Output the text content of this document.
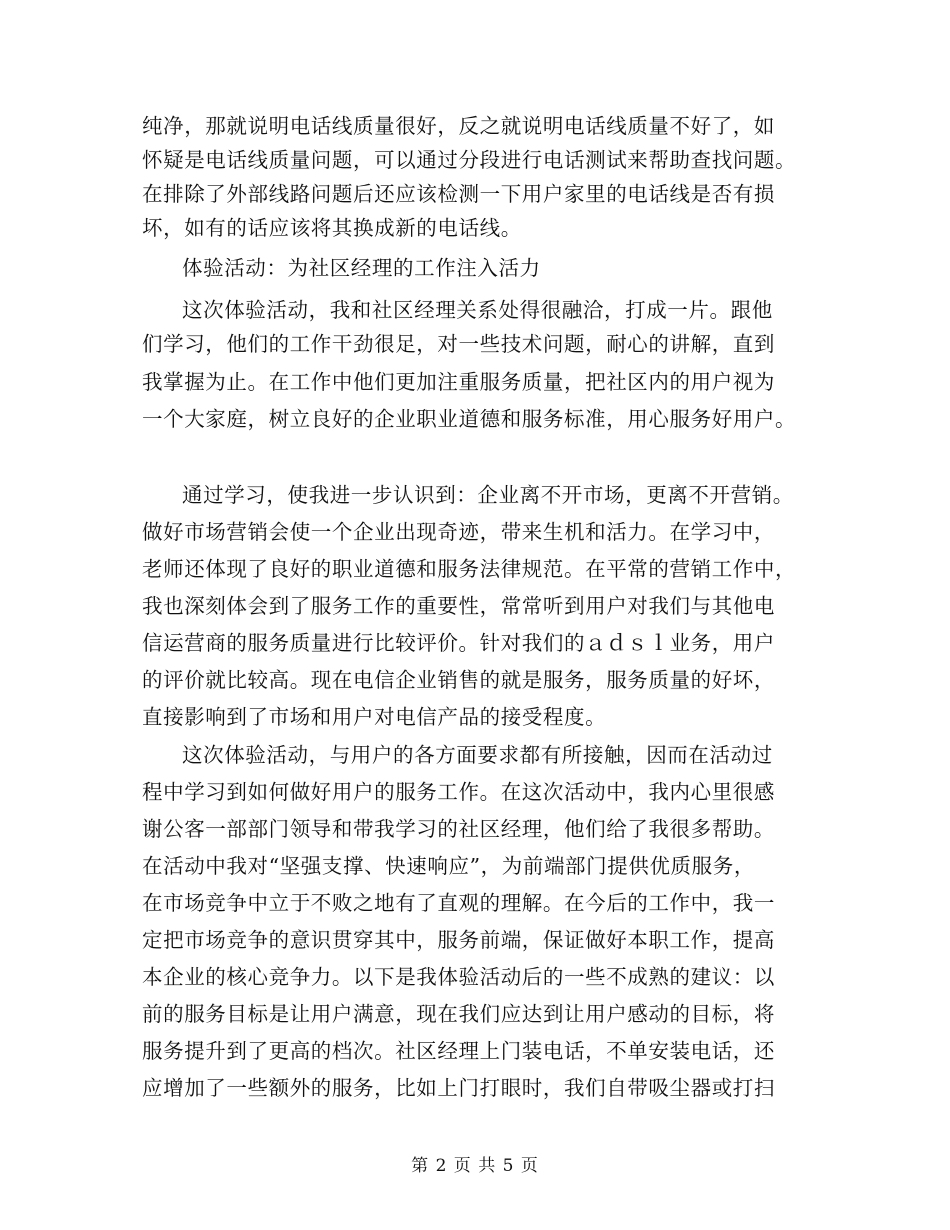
纯净，那就说明电话线质量很好，反之就说明电话线质量不好了，如
怀疑是电话线质量问题，可以通过分段进行电话测试来帮助查找问题。
在排除了外部线路问题后还应该检测一下用户家里的电话线是否有损
坏，如有的话应该将其换成新的电话线。
体验活动：为社区经理的工作注入活力
这次体验活动，我和社区经理关系处得很融洽，打成一片。跟他
们学习，他们的工作干劲很足，对一些技术问题，耐心的讲解，直到
我掌握为止。在工作中他们更加注重服务质量，把社区内的用户视为
一个大家庭，树立良好的企业职业道德和服务标准，用心服务好用户。
通过学习，使我进一步认识到：企业离不开市场，更离不开营销。
做好市场营销会使一个企业出现奇迹，带来生机和活力。在学习中，
老师还体现了良好的职业道德和服务法律规范。在平常的营销工作中，
我也深刻体会到了服务工作的重要性，常常听到用户对我们与其他电
信运营商的服务质量进行比较评价。针对我们的ａｄｓｌ业务，用户
的评价就比较高。现在电信企业销售的就是服务，服务质量的好坏，
直接影响到了市场和用户对电信产品的接受程度。
这次体验活动，与用户的各方面要求都有所接触，因而在活动过
程中学习到如何做好用户的服务工作。在这次活动中，我内心里很感
谢公客一部部门领导和带我学习的社区经理，他们给了我很多帮助。
在活动中我对“坚强支撑、快速响应”，为前端部门提供优质服务，
在市场竞争中立于不败之地有了直观的理解。在今后的工作中，我一
定把市场竞争的意识贯穿其中，服务前端，保证做好本职工作，提高
本企业的核心竞争力。以下是我体验活动后的一些不成熟的建议：以
前的服务目标是让用户满意，现在我们应达到让用户感动的目标，将
服务提升到了更高的档次。社区经理上门装电话，不单安装电话，还
应增加了一些额外的服务，比如上门打眼时，我们自带吸尘器或打扫
第 2 页 共 5 页
